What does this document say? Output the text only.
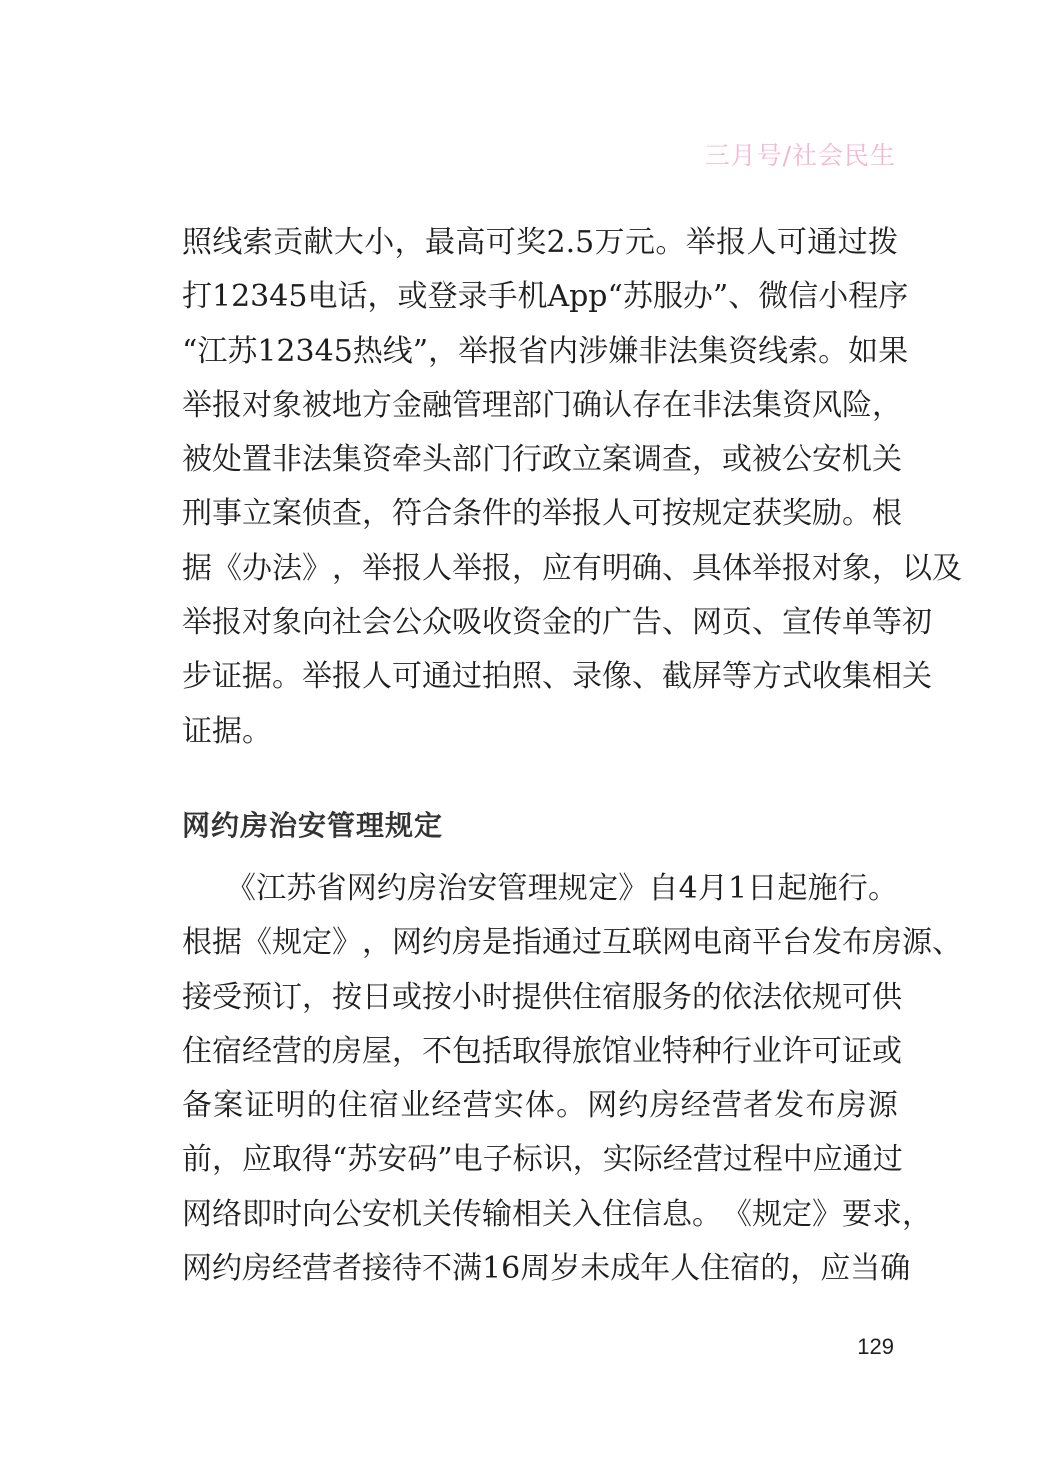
三月号/社会民生
照 线 索 贡 献 大 小 ， 最 高 可 奖 2.5 万 元 。 举 报 人 可 通 过 拨
打 12345 电 话 ， 或 登 录 手 机 App “ 苏 服 办 ” 、 微 信 小 程 序
“ 江 苏 12345 热 线 ” ， 举 报 省 内 涉 嫌 非 法 集 资 线 索 。 如 果
举 报 对 象 被 地 方 金 融 管 理 部 门 确 认 存 在 非 法 集 资 风 险 ，
被 处 置 非 法 集 资 牵 头 部 门 行 政 立 案 调 查 ， 或 被 公 安 机 关
刑 事 立 案 侦 查 ， 符 合 条 件 的 举 报 人 可 按 规 定 获 奖 励 。 根
据 《 办 法 》 ， 举 报 人 举 报 ， 应 有 明 确 、 具 体 举 报 对 象 ， 以 及
举 报 对 象 向 社 会 公 众 吸 收 资 金 的 广 告 、 网 页 、 宣 传 单 等 初
步 证 据 。 举 报 人 可 通 过 拍 照 、 录 像 、 截 屏 等 方 式 收 集 相 关
证据。
网约房治安管理规定
《 江 苏 省 网 约 房 治 安 管 理 规 定 》 自 4 月 1 日 起 施 行 。
根 据 《 规 定 》 ， 网 约 房 是 指 通 过 互 联 网 电 商 平 台 发 布 房 源 、
接 受 预 订 ， 按 日 或 按 小 时 提 供 住 宿 服 务 的 依 法 依 规 可 供
住 宿 经 营 的 房 屋 ， 不 包 括 取 得 旅 馆 业 特 种 行 业 许 可 证 或
备 案 证 明 的 住 宿 业 经 营 实 体 。 网 约 房 经 营 者 发 布 房 源
前 ， 应 取 得 “ 苏 安 码 ” 电 子 标 识 ， 实 际 经 营 过 程 中 应 通 过
网 络 即 时 向 公 安 机 关 传 输 相 关 入 住 信 息 。 《 规 定 》 要 求 ，
网 约 房 经 营 者 接 待 不 满 16 周 岁 未 成 年 人 住 宿 的 ， 应 当 确
129
